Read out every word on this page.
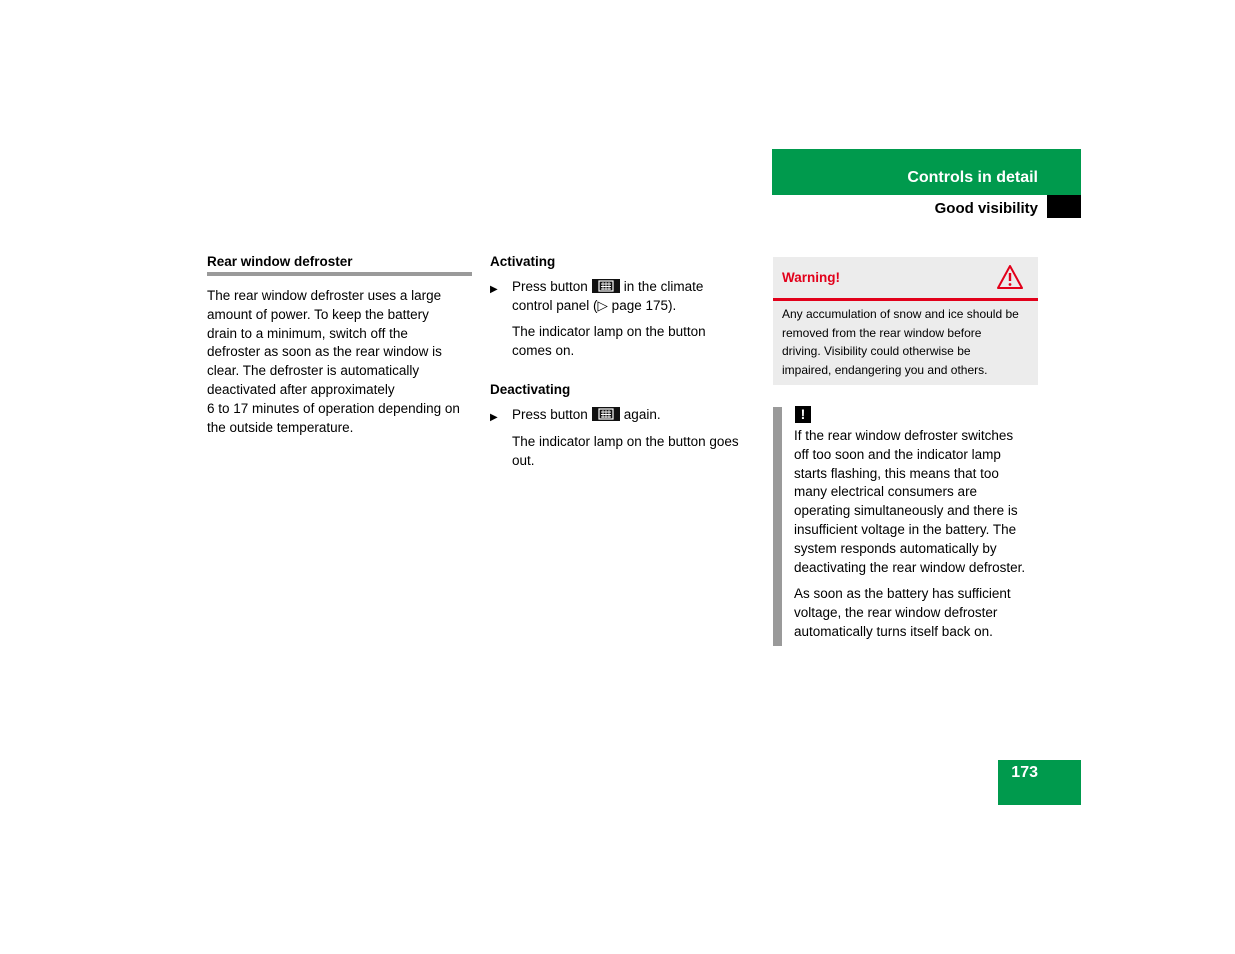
Controls in detail
Good visibility
Rear window defroster
The rear window defroster uses a large
amount of power. To keep the battery
drain to a minimum, switch off the
defroster as soon as the rear window is
clear. The defroster is automatically
deactivated after approximately
6 to 17 minutes of operation depending on
the outside temperature.
Activating
▶ Press button	in the climate
control panel (▷ page 175).
The indicator lamp on the button
comes on.
Deactivating
▶ Press button	again.
The indicator lamp on the button goes
out.
Warning!
Any accumulation of snow and ice should be
removed from the rear window before
driving. Visibility could otherwise be
impaired, endangering you and others.
!
If the rear window defroster switches
off too soon and the indicator lamp
starts flashing, this means that too
many electrical consumers are
operating simultaneously and there is
insufficient voltage in the battery. The
system responds automatically by
deactivating the rear window defroster.
As soon as the battery has sufficient
voltage, the rear window defroster
automatically turns itself back on.
173
